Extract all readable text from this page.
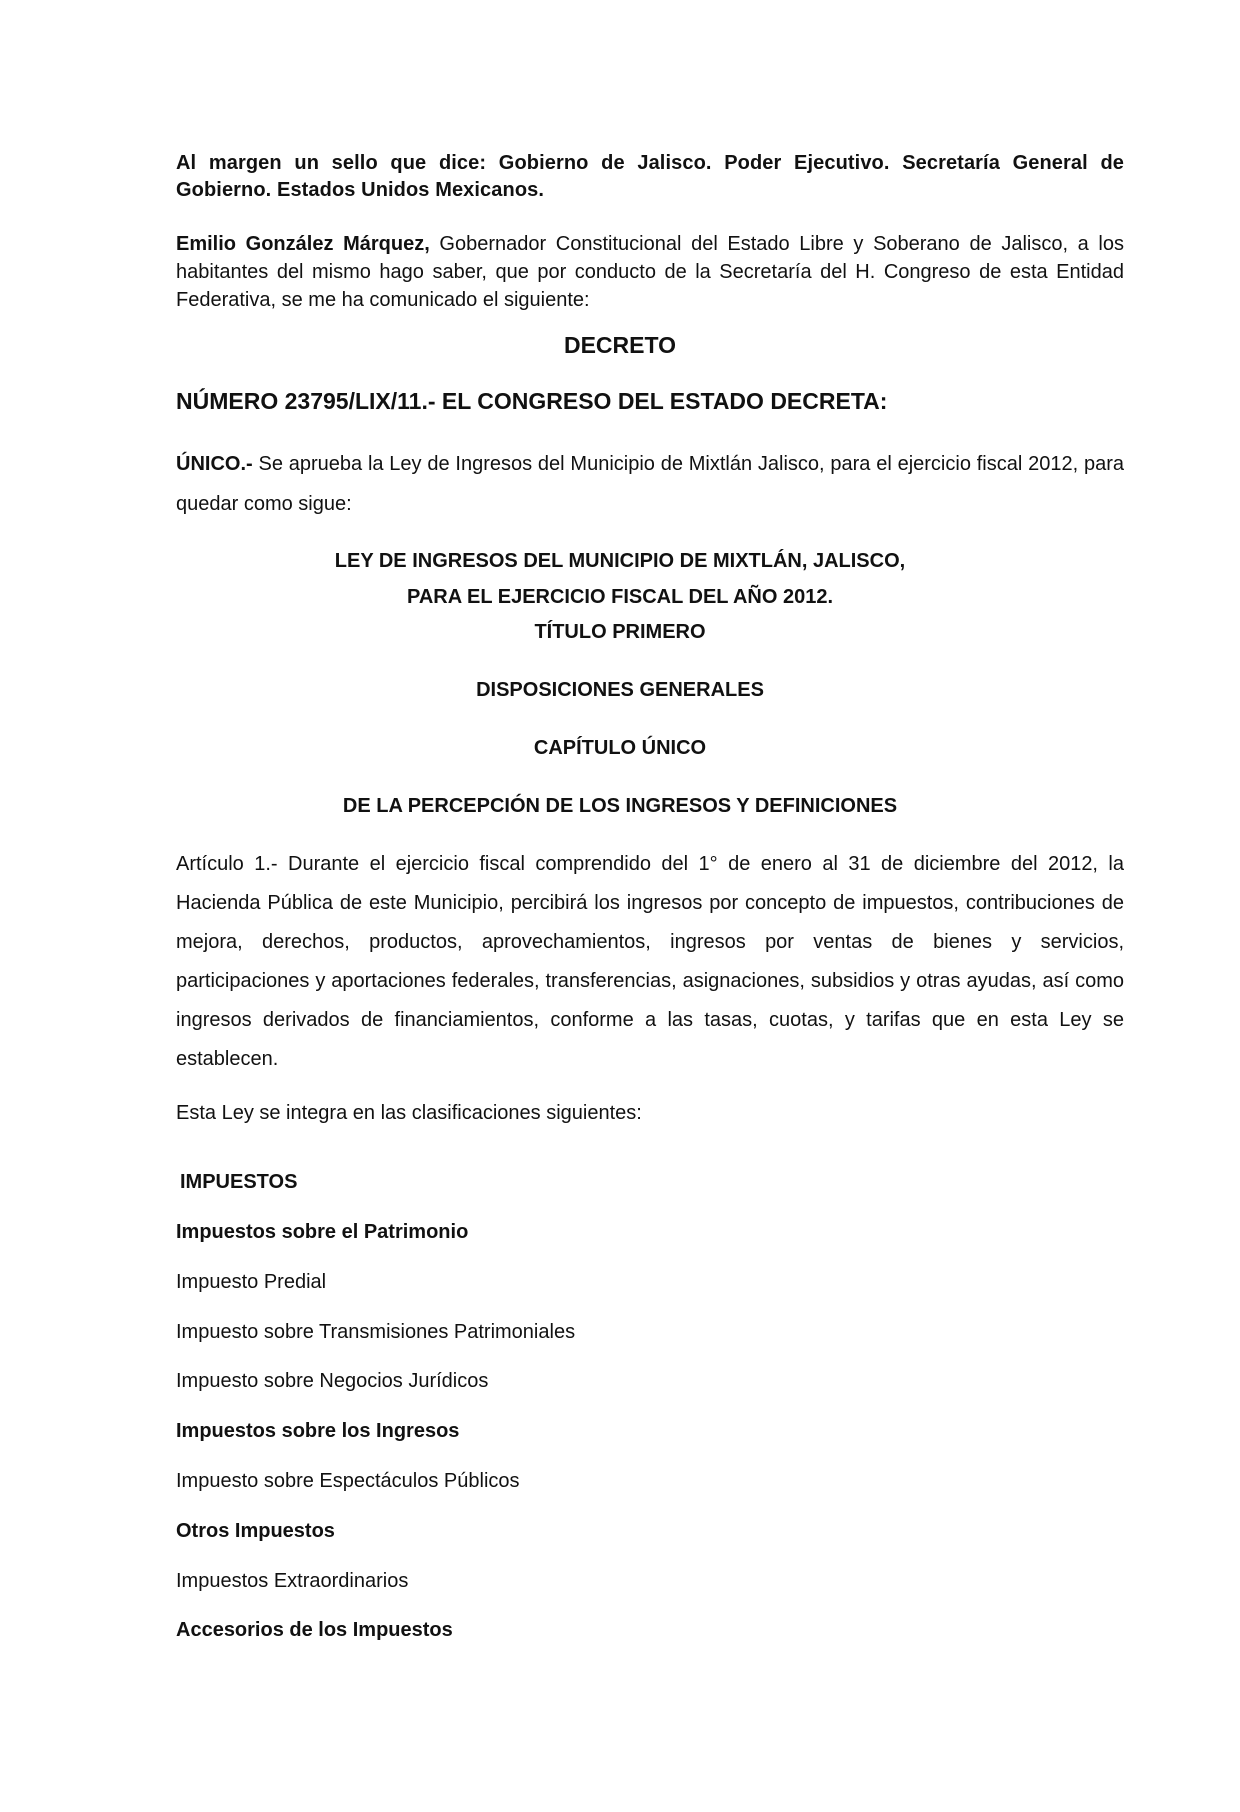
Al margen un sello que dice: Gobierno de Jalisco. Poder Ejecutivo. Secretaría General de Gobierno. Estados Unidos Mexicanos.

Emilio González Márquez, Gobernador Constitucional del Estado Libre y Soberano de Jalisco, a los habitantes del mismo hago saber, que por conducto de la Secretaría del H. Congreso de esta Entidad Federativa, se me ha comunicado el siguiente:

DECRETO

NÚMERO 23795/LIX/11.- EL CONGRESO DEL ESTADO DECRETA:

ÚNICO.- Se aprueba la Ley de Ingresos del Municipio de Mixtlán Jalisco, para el ejercicio fiscal 2012, para quedar como sigue:

LEY DE INGRESOS DEL MUNICIPIO DE MIXTLÁN, JALISCO,

PARA EL EJERCICIO FISCAL DEL AÑO 2012.

TÍTULO PRIMERO

DISPOSICIONES GENERALES

CAPÍTULO ÚNICO

DE LA PERCEPCIÓN DE LOS INGRESOS Y DEFINICIONES

Artículo 1.- Durante el ejercicio fiscal comprendido del 1° de enero al 31 de diciembre del 2012, la Hacienda Pública de este Municipio, percibirá los ingresos por concepto de impuestos, contribuciones de mejora, derechos, productos, aprovechamientos, ingresos por ventas de bienes y servicios, participaciones y aportaciones federales, transferencias, asignaciones, subsidios y otras ayudas, así como ingresos derivados de financiamientos, conforme a las tasas, cuotas, y tarifas que en esta Ley se establecen.

Esta Ley se integra en las clasificaciones siguientes:

IMPUESTOS

Impuestos sobre el Patrimonio

Impuesto Predial

Impuesto sobre Transmisiones Patrimoniales

Impuesto sobre Negocios Jurídicos

Impuestos sobre los Ingresos

Impuesto sobre Espectáculos Públicos

Otros Impuestos

Impuestos Extraordinarios

Accesorios de los Impuestos
